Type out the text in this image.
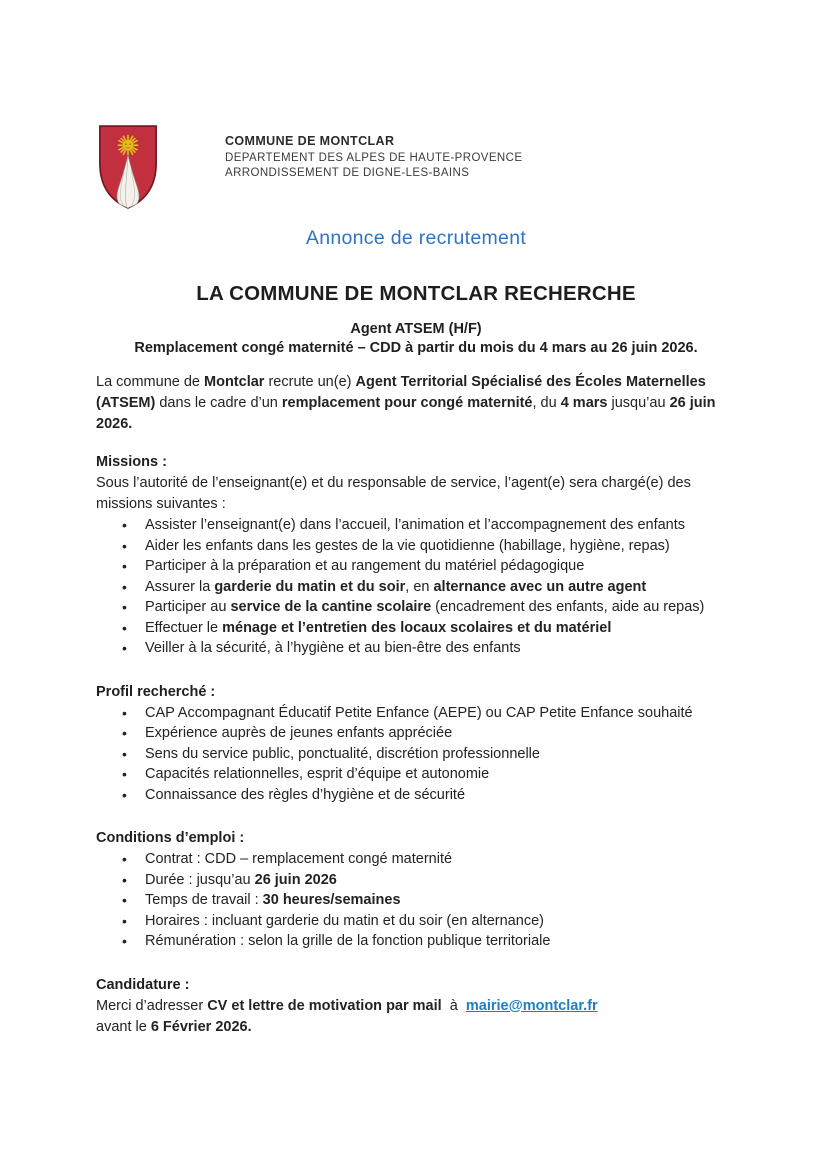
COMMUNE DE MONTCLAR
DEPARTEMENT DES ALPES DE HAUTE-PROVENCE
ARRONDISSEMENT DE DIGNE-LES-BAINS
Annonce de recrutement
LA COMMUNE DE MONTCLAR RECHERCHE
Agent ATSEM (H/F)
Remplacement congé maternité – CDD à partir du mois du 4 mars au 26 juin 2026.

La commune de Montclar recrute un(e) Agent Territorial Spécialisé des Écoles Maternelles (ATSEM) dans le cadre d’un remplacement pour congé maternité, du 4 mars jusqu’au 26 juin 2026.

Missions :
Sous l’autorité de l’enseignant(e) et du responsable de service, l’agent(e) sera chargé(e) des missions suivantes :
• Assister l’enseignant(e) dans l’accueil, l’animation et l’accompagnement des enfants
• Aider les enfants dans les gestes de la vie quotidienne (habillage, hygiène, repas)
• Participer à la préparation et au rangement du matériel pédagogique
• Assurer la garderie du matin et du soir, en alternance avec un autre agent
• Participer au service de la cantine scolaire (encadrement des enfants, aide au repas)
• Effectuer le ménage et l’entretien des locaux scolaires et du matériel
• Veiller à la sécurité, à l’hygiène et au bien-être des enfants
Profil recherché :
• CAP Accompagnant Éducatif Petite Enfance (AEPE) ou CAP Petite Enfance souhaité
• Expérience auprès de jeunes enfants appréciée
• Sens du service public, ponctualité, discrétion professionnelle
• Capacités relationnelles, esprit d’équipe et autonomie
• Connaissance des règles d’hygiène et de sécurité
Conditions d’emploi :
• Contrat : CDD – remplacement congé maternité
• Durée : jusqu’au 26 juin 2026
• Temps de travail : 30 heures/semaines
• Horaires : incluant garderie du matin et du soir (en alternance)
• Rémunération : selon la grille de la fonction publique territoriale
Candidature :
Merci d’adresser CV et lettre de motivation par mail  à  mairie@montclar.fr
avant le 6 Février 2026.
